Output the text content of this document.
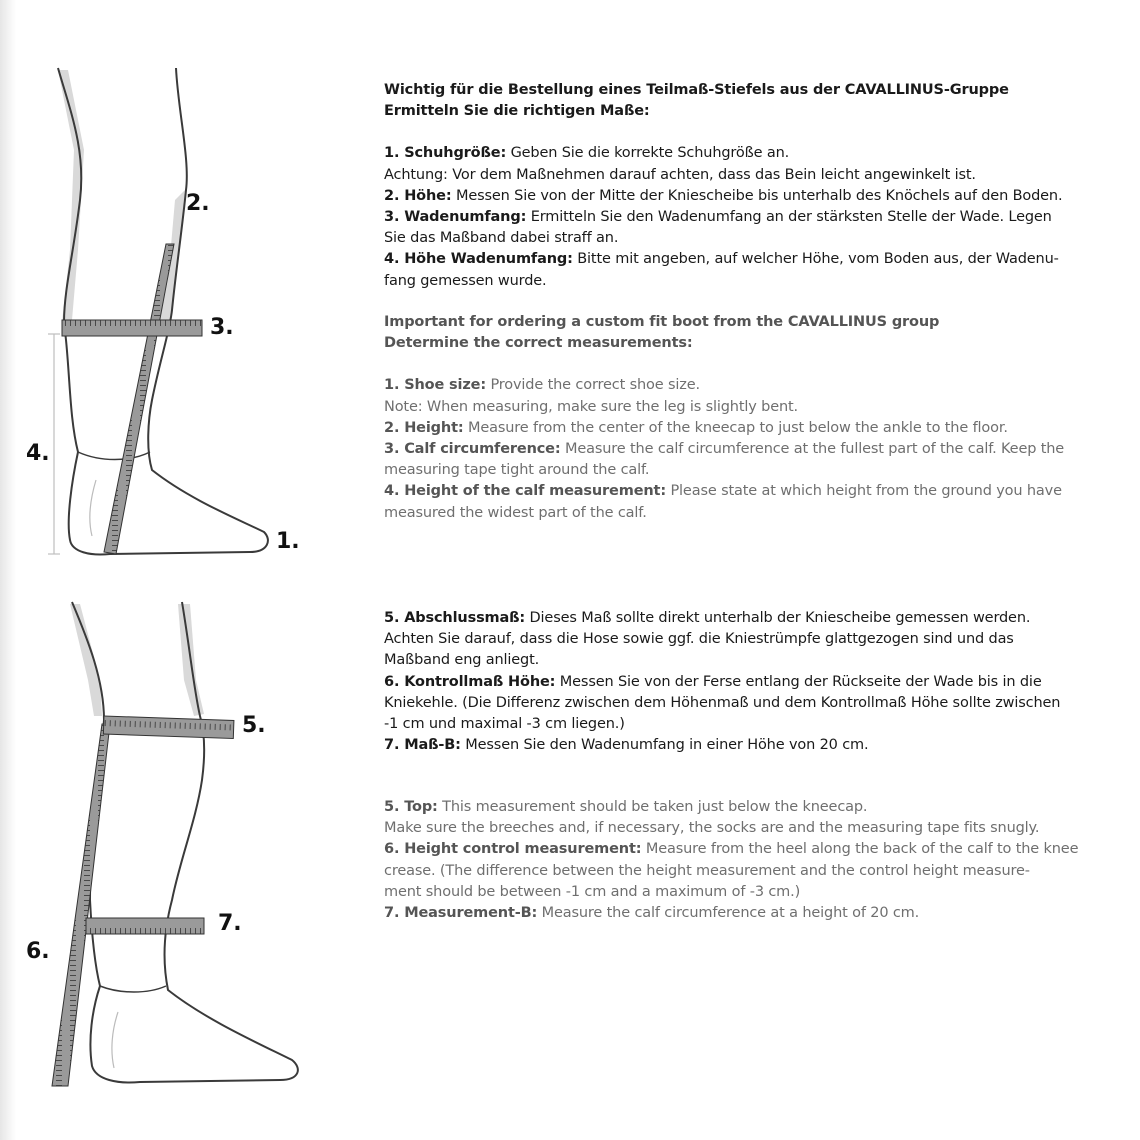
2.
3.
4.
1.
5.
7.
6.

Wichtig für die Bestellung eines Teilmaß-Stiefels aus der CAVALLINUS-Gruppe

Ermitteln Sie die richtigen Maße:

1. Schuhgröße: Geben Sie die korrekte Schuhgröße an.

Achtung: Vor dem Maßnehmen darauf achten, dass das Bein leicht angewinkelt ist.

2. Höhe: Messen Sie von der Mitte der Kniescheibe bis unterhalb des Knöchels auf den Boden.

3. Wadenumfang: Ermitteln Sie den Wadenumfang an der stärksten Stelle der Wade. Legen

Sie das Maßband dabei straff an.

4. Höhe Wadenumfang: Bitte mit angeben, auf welcher Höhe, vom Boden aus, der Wadenu-

fang gemessen wurde.

Important for ordering a custom fit boot from the CAVALLINUS group

Determine the correct measurements:

1. Shoe size: Provide the correct shoe size.

Note: When measuring, make sure the leg is slightly bent.

2. Height: Measure from the center of the kneecap to just below the ankle to the floor.

3. Calf circumference: Measure the calf circumference at the fullest part of the calf. Keep the

measuring tape tight around the calf.

4. Height of the calf measurement: Please state at which height from the ground you have

measured the widest part of the calf.

5. Abschlussmaß: Dieses Maß sollte direkt unterhalb der Kniescheibe gemessen werden.

Achten Sie darauf, dass die Hose sowie ggf. die Kniestrümpfe glattgezogen sind und das

Maßband eng anliegt.

6. Kontrollmaß Höhe: Messen Sie von der Ferse entlang der Rückseite der Wade bis in die

Kniekehle. (Die Differenz zwischen dem Höhenmaß und dem Kontrollmaß Höhe sollte zwischen

-1 cm und maximal -3 cm liegen.)

7. Maß-B: Messen Sie den Wadenumfang in einer Höhe von 20 cm.

5. Top: This measurement should be taken just below the kneecap.

Make sure the breeches and, if necessary, the socks are and the measuring tape fits snugly.

6. Height control measurement: Measure from the heel along the back of the calf to the knee

crease. (The difference between the height measurement and the control height measure-

ment should be between -1 cm and a maximum of -3 cm.)

7. Measurement-B: Measure the calf circumference at a height of 20 cm.
